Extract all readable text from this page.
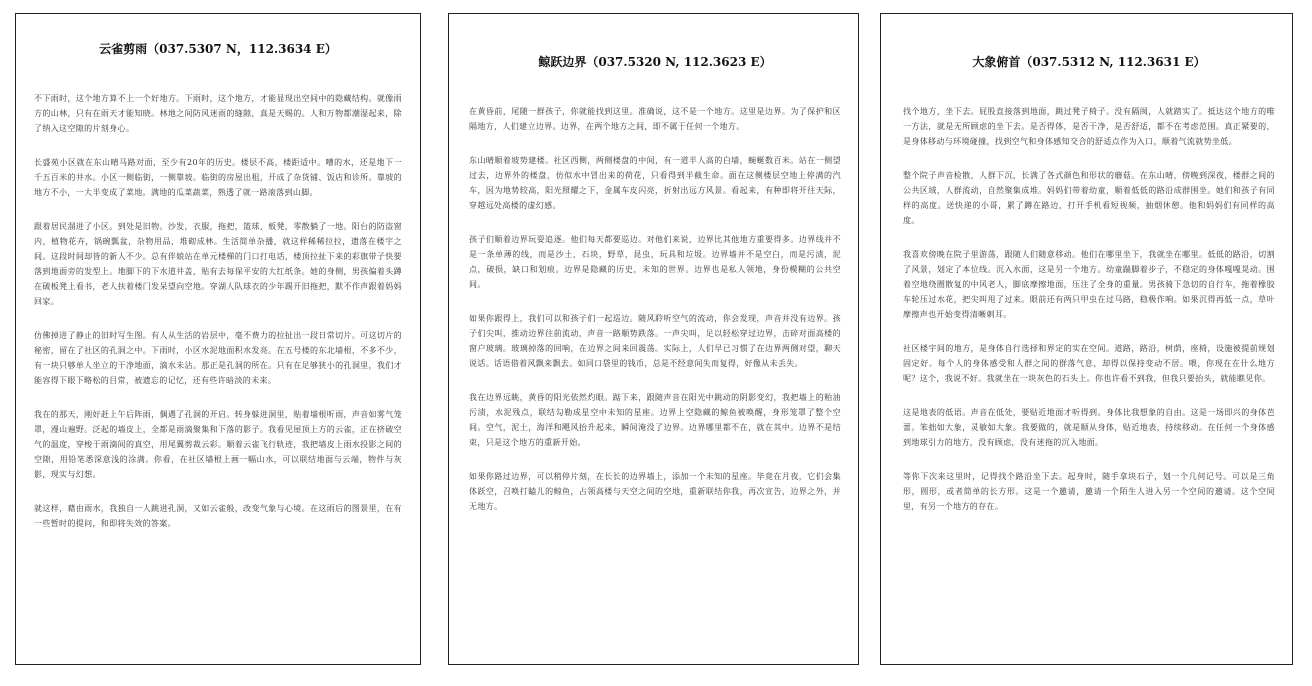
云雀剪雨（037.5307 N，112.3634 E）

不下雨时，这个地方算不上一个好地方。下雨时，这个地方，才能显现出空间中的隐藏结构。就像雨方的山林，只有在雨天才能知晓。林地之间防风迷雨的缝隙，真是天赐的。人和万物都潮湿起来，除了纳入这空隙的片刻身心。

长盛苑小区就在东山晴马路对面，至少有20年的历史。楼层不高，楼距适中。嘈的水，还是地下一千五百米的井水。小区一侧临街，一侧靠坡。临街的房屋出租，开成了杂货铺、饭店和诊所。靠坡的地方不小，一大半变成了菜地。满地的瓜菜蔬菜，熟透了就一路滚落到山脚。

跟着居民溜进了小区。到处是旧物。沙发，衣服，拖把，篮球，板凳，零散躺了一地。阳台的防盗窗内，植物花卉，锅碗瓢盆，杂物用品，堆砌成林。生活简单杂播，就这样稀稀拉拉，遗落在楼宇之间。这段时间却皆的新人不少。总有伴娘站在单元楼梯的门口打电话，楼顶拉扯下来的彩旗带子快要落到地面旁的发型上。地脚下的下水道井盖，贴有去每保平安的大红纸条。她的身侧，男孩偏着头蹲在破板凳上看书，老人扶着楼门发呆望向空地。穿湖人队球衣的少年踢开旧拖把，默不作声跟着妈妈回家。

仿佛掉进了静止的旧时写生图。有人从生活的岩层中，毫不费力的拉扯出一段日常切片。可这切片的秘密，留在了社区的孔洞之中。下雨时，小区水泥地面积水发亮。在五号楼的东北墙根，不多不少，有一块只够单人坐立的干净地面，滴水未沾。那正是孔洞的所在。只有在足够狭小的孔洞里，我们才能容得下眼下略松的目常，被遗忘的记忆，还有些许暗淡的未来。

我在的那天，刚好赶上午后阵雨，偶遇了孔洞的开启。转身躲进洞里，贴着墙根听雨，声音如雾气笼罩，漫山遍野。泛起的墙皮上，全都是雨滴聚集和下落的影子。我看见屋顶上方的云雀，正在挤破空气的温度，穿梭于雨滴间的真空，用尾翼剪裁云彩。顺着云雀飞行轨迹，我把墙皮上雨水投影之间的空隙，用铅笔悉深意浅的涂满。你看，在社区墙根上画一幅山水，可以联结地面与云端，物件与灰影，现实与幻想。

就这样，藉由雨水，我独自一人跳进孔洞，又如云雀般，改变气象与心境。在这雨后的图景里，在有一些暂时的提问，和即将失效的答案。

鲸跃边界（037.5320 N, 112.3623 E）

在黄昏前，尾随一群孩子，你就能找到这里。准确说，这不是一个地方。这里是边界。为了保护和区隔地方，人们建立边界。边界，在两个地方之间，即不属于任何一个地方。

东山晴顺着坡势建楼。社区西侧，两侧楼盘的中间，有一道半人高的白墙，蜿蜒数百米。站在一侧望过去，边界外的楼盘，仿似水中冒出来的荷花，只看得到半截生命。面在这侧楼层空地上停满的汽车，因为地势较高，阳光照耀之下，金属车皮闪亮，折射出远方风景。看起来，有种即将开往天际，穿越远处高楼的虚幻感。

孩子们顺着边界玩耍追逐。他们每天都要巡边。对他们来说，边界比其他地方重要得多。边界线并不是一条单薄的线，而是沙土，石块，野草，昆虫，玩具和垃圾。边界墙并不是空白，而是污渍，泥点，破损，缺口和划痕。边界是隐藏的历史，未知的世界。边界也是私人领地，身份模糊的公共空间。

如果你跟得上，我们可以和孩子们一起巡边。随风聆听空气的流动，你会发现，声音并没有边界。孩子们尖叫，推动边界往前流动，声音一路顺势跌落。一声尖叫，足以轻松穿过边界，击碎对面高楼的窗户玻璃。玻璃掉落的回响，在边界之间来回震荡。实际上，人们早已习惯了在边界两侧对望，聊天说话。话语借着风飘来飘去。如同口袋里的钱币，总是不经意间失而复得，好像从未丢失。

我在边界远眺，黄昏的阳光依然灼眼。踮下来，跟随声音在阳光中跳动的阴影变幻，我把墙上的粕油污渍，水泥残点，联结勾勒成星空中未知的星座。边界上空隐藏的鲸鱼被唤醒，身形笼罩了整个空间。空气，泥土，海洋和飓风抬升起来，瞬间淹没了边界。边界哪里都不在，就在其中。边界不是结束，只是这个地方的重新开始。

如果你路过边界，可以稍停片刻，在长长的边界墙上，添加一个未知的星座。毕竟在月夜，它们会集体跃空，召唤打瞌儿的鲸鱼，占领高楼与天空之间的空地，重新联结你我，再次宣告，边界之外，并无地方。

大象俯首（037.5312 N, 112.3631 E）

找个地方，坐下去。屁股直接落到地面，跳过凳子椅子。没有隔阂，人就踏实了。抵达这个地方的唯一方法，就是无所顾虑的坐下去。是否得体，是否干净，是否舒适，都不在考虑范围。真正紧要的，是身体移动与环境碰撞，找到空气和身体感知交合的舒适点作为入口，顺着气流就势坐低。

整个院子声音检散，人群下沉，长满了各式颜色和形状的蘑菇。在东山晴，傍晚到深夜，楼群之间的公共区域，人群流动，自然聚集成堆。妈妈们带着幼童，顺着低低的路沿成群围坐。她们和孩子有同样的高度。送快递的小哥，累了蹲在路边，打开手机看短视频，抽烟休憩。他和妈妈们有同样的高度。

我喜欢傍晚在院子里游荡，跟随人们随意移动。他们在哪里坐下，我就坐在哪里。低低的路沿，切割了风景，划定了本位线。沉入水面，这是另一个地方。幼童踹脚着步子，不稳定的身体嘎嘎晃动。围着空地绕圈散复的中风老人，脚底摩擦地面，压注了全身的重量。男孩骑下急切的自行车，拖着橡胶车轮压过水花，把尖叫甩了过来。眼前还有两只甲虫在过马路，稳极作响。如果沉得再低一点，草叶摩擦声也开始变得清晰刺耳。

社区楼宇间的地方，是身体自行选择和界定的实在空间。道路，路沿，树荫，座椅，设施被提前规划固定好。每个人的身体感受和人群之间的群落气息，却得以保持变动不居。喂，你现在在什么地方呢？这个，我说不好。我就坐在一块灰色的石头上。你也许看不到我，但我只要抬头，就能瞧见你。

这是地表的低语。声音在低处，要贴近地面才听得到。身体比我想象的自由。这是一场即兴的身体芭蕾。笨拙如大象，灵敏如大象。我要做的，就是顺从身体，贴近地表，持续移动。在任何一个身体感到地球引力的地方，没有顾虑，没有迷拖的沉入地面。

等你下次来这里时，记得找个路沿坐下去。起身时，随手拿块石子，划一个几何记号。可以是三角形，圆形，或者简单的长方形。这是一个邀请，邀请一个陌生人进入另一个空间的邀请。这个空间里，有另一个地方的存在。
